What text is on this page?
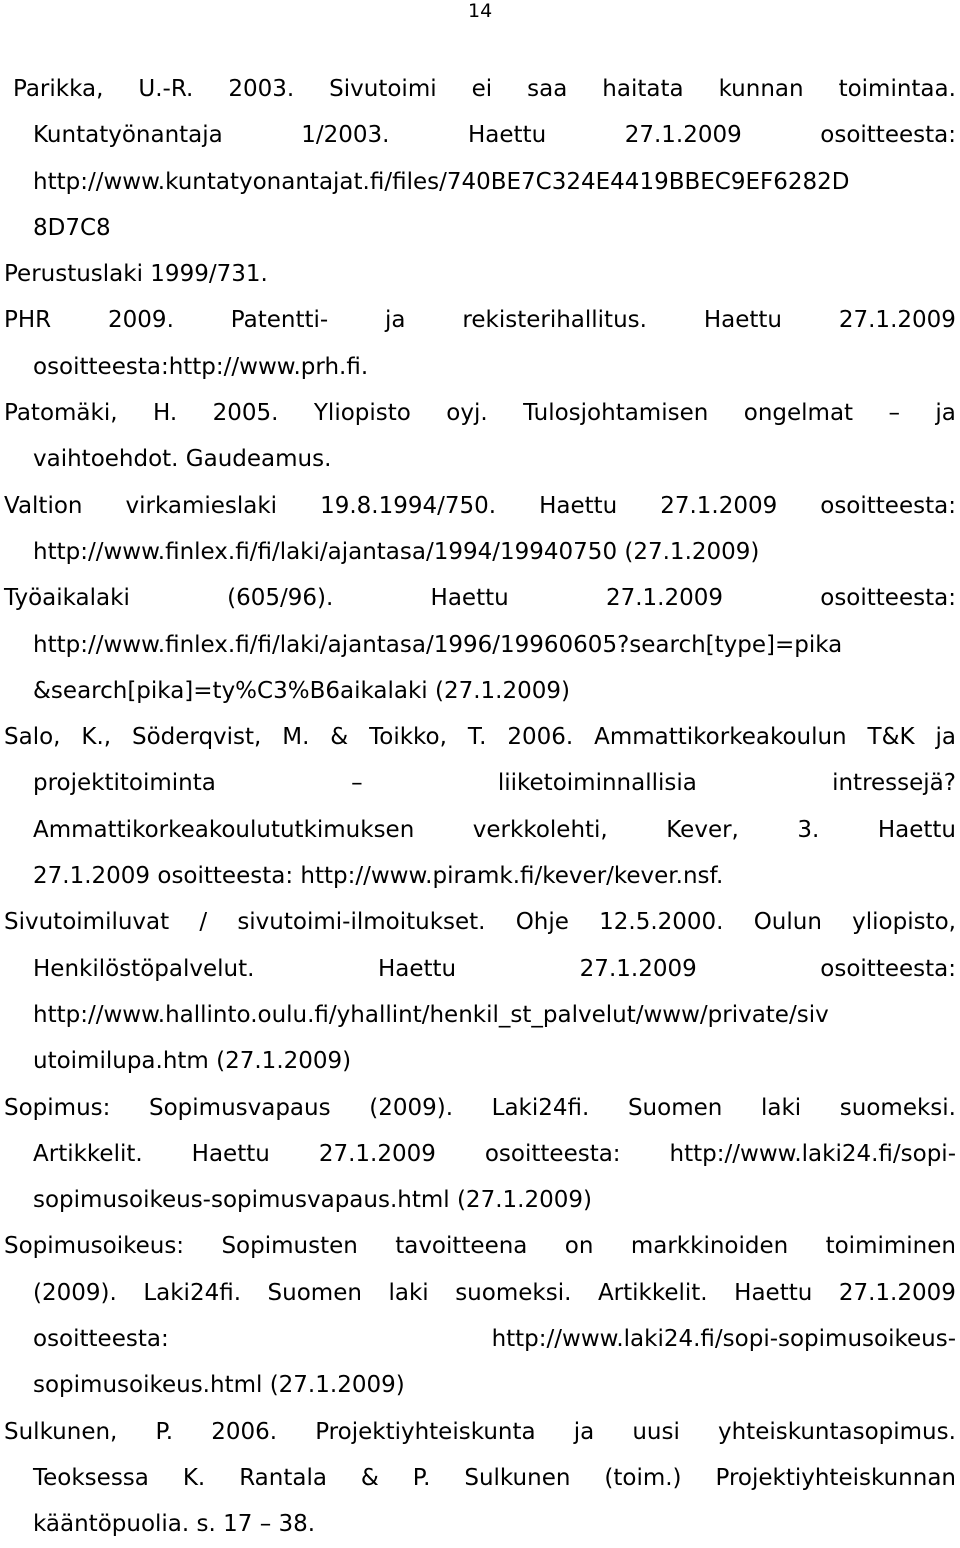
14
Parikka, U.-R. 2003. Sivutoimi ei saa haitata kunnan toimintaa.
Kuntatyönantaja	1/2003.	Haettu	27.1.2009	osoitteesta:
http://www.kuntatyonantajat.fi/files/740BE7C324E4419BBEC9EF6282D
8D7C8
Perustuslaki 1999/731.
PHR 2009. Patentti- ja rekisterihallitus. Haettu 27.1.2009
osoitteesta:http://www.prh.fi.
Patomäki, H. 2005. Yliopisto oyj. Tulosjohtamisen ongelmat – ja
vaihtoehdot. Gaudeamus.
Valtion virkamieslaki 19.8.1994/750. Haettu 27.1.2009 osoitteesta:
http://www.finlex.fi/fi/laki/ajantasa/1994/19940750 (27.1.2009)
Työaikalaki	(605/96).	Haettu	27.1.2009	osoitteesta:
http://www.finlex.fi/fi/laki/ajantasa/1996/19960605?search[type]=pika
&search[pika]=ty%C3%B6aikalaki (27.1.2009)
Salo, K., Söderqvist, M. & Toikko, T. 2006. Ammattikorkeakoulun T&K ja
projektitoiminta	–	liiketoiminnallisia	intressejä?
Ammattikorkeakoulututkimuksen	verkkolehti,	Kever,	3.	Haettu
27.1.2009 osoitteesta: http://www.piramk.fi/kever/kever.nsf.
Sivutoimiluvat / sivutoimi-ilmoitukset. Ohje 12.5.2000. Oulun yliopisto,
Henkilöstöpalvelut.	Haettu	27.1.2009	osoitteesta:
http://www.hallinto.oulu.fi/yhallint/henkil_st_palvelut/www/private/siv
utoimilupa.htm (27.1.2009)
Sopimus: Sopimusvapaus (2009). Laki24fi. Suomen laki suomeksi.
Artikkelit. Haettu 27.1.2009 osoitteesta: http://www.laki24.fi/sopi-
sopimusoikeus-sopimusvapaus.html (27.1.2009)
Sopimusoikeus: Sopimusten tavoitteena on markkinoiden toimiminen
(2009). Laki24fi. Suomen laki suomeksi. Artikkelit. Haettu 27.1.2009
osoitteesta:	http://www.laki24.fi/sopi-sopimusoikeus-
sopimusoikeus.html (27.1.2009)
Sulkunen, P. 2006. Projektiyhteiskunta ja uusi yhteiskuntasopimus.
Teoksessa K. Rantala & P. Sulkunen (toim.) Projektiyhteiskunnan
kääntöpuolia. s. 17 – 38.
